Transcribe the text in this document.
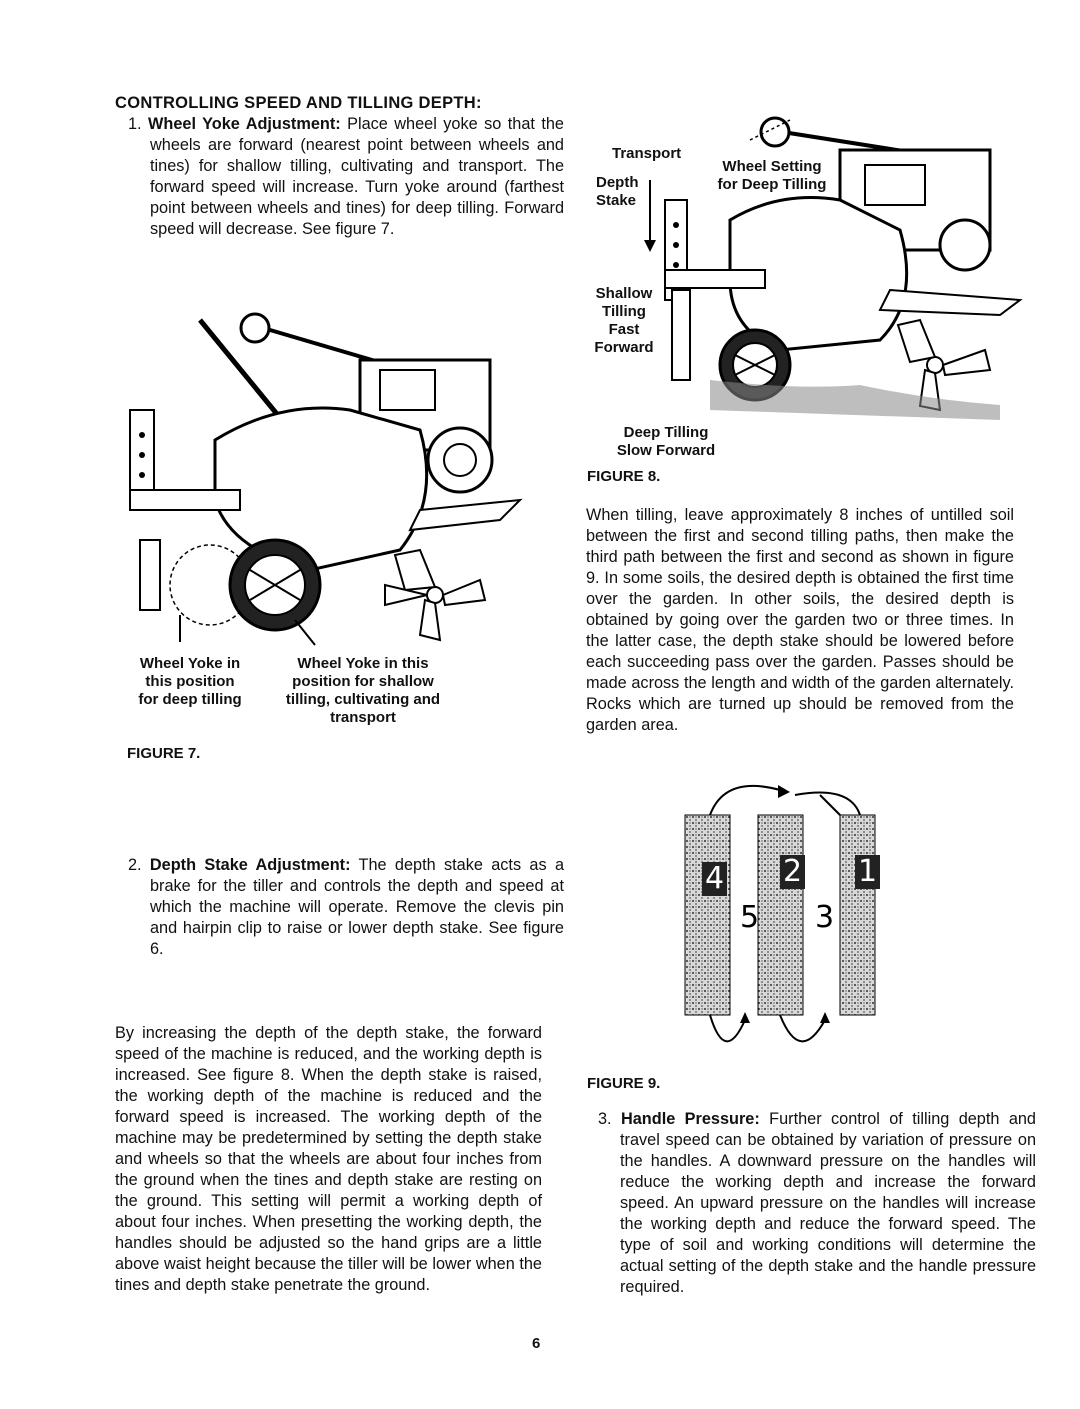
CONTROLLING SPEED AND TILLING DEPTH:

1. Wheel Yoke Adjustment: Place wheel yoke so that the wheels are forward (nearest point between wheels and tines) for shallow tilling, cultivating and transport. The forward speed will increase. Turn yoke around (farthest point between wheels and tines) for deep tilling. Forward speed will decrease. See figure 7.

Wheel Yoke in
this position
for deep tilling
Wheel Yoke in this
position for shallow
tilling, cultivating and
transport
FIGURE 7.

2. Depth Stake Adjustment: The depth stake acts as a brake for the tiller and controls the depth and speed at which the machine will operate. Remove the clevis pin and hairpin clip to raise or lower depth stake. See figure 6.

By increasing the depth of the depth stake, the forward speed of the machine is reduced, and the working depth is increased. See figure 8. When the depth stake is raised, the working depth of the machine is reduced and the forward speed is increased. The working depth of the machine may be predetermined by setting the depth stake and wheels so that the wheels are about four inches from the ground when the tines and depth stake are resting on the ground. This setting will permit a working depth of about four inches. When presetting the working depth, the handles should be adjusted so the hand grips are a little above waist height because the tiller will be lower when the tines and depth stake penetrate the ground.

Transport
Depth
Stake
Wheel Setting
for Deep Tilling
Shallow
Tilling
Fast
Forward
Deep Tilling
Slow Forward
FIGURE 8.

When tilling, leave approximately 8 inches of untilled soil between the first and second tilling paths, then make the third path between the first and second as shown in figure 9. In some soils, the desired depth is obtained the first time over the garden. In other soils, the desired depth is obtained by going over the garden two or three times. In the latter case, the depth stake should be lowered before each succeeding pass over the garden. Passes should be made across the length and width of the garden alternately. Rocks which are turned up should be removed from the garden area.

4 2 1
5 3
FIGURE 9.

3. Handle Pressure: Further control of tilling depth and travel speed can be obtained by variation of pressure on the handles. A downward pressure on the handles will reduce the working depth and increase the forward speed. An upward pressure on the handles will increase the working depth and reduce the forward speed. The type of soil and working conditions will determine the actual setting of the depth stake and the handle pressure required.

6
